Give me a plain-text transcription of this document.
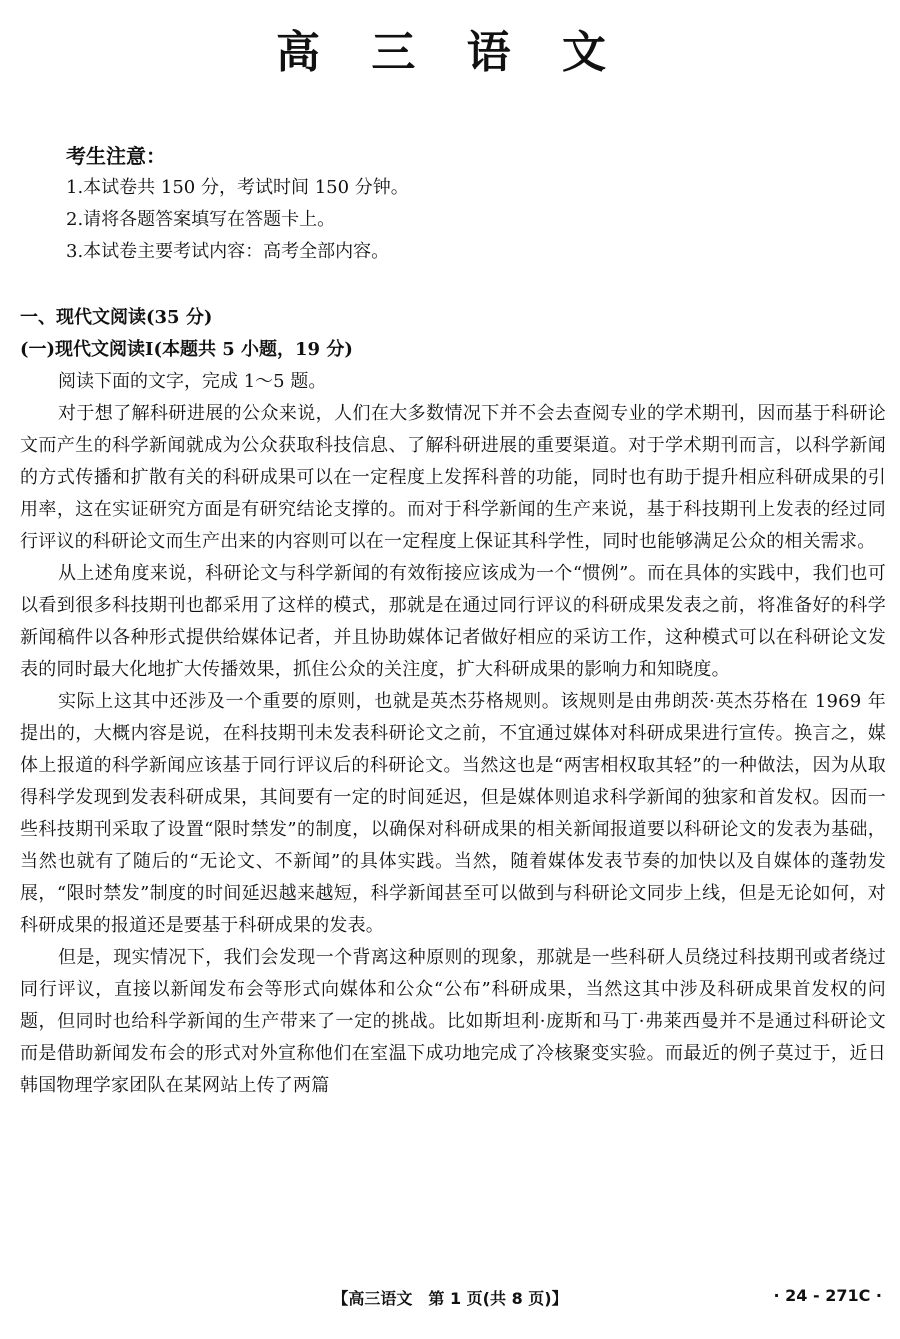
高 三 语 文
考生注意：
1.本试卷共 150 分，考试时间 150 分钟。
2.请将各题答案填写在答题卡上。
3.本试卷主要考试内容：高考全部内容。
一、现代文阅读(35 分)
(一)现代文阅读Ⅰ(本题共 5 小题，19 分)
阅读下面的文字，完成 1～5 题。

对于想了解科研进展的公众来说，人们在大多数情况下并不会去查阅专业的学术期刊，因而基于科研论文而产生的科学新闻就成为公众获取科技信息、了解科研进展的重要渠道。对于学术期刊而言，以科学新闻的方式传播和扩散有关的科研成果可以在一定程度上发挥科普的功能，同时也有助于提升相应科研成果的引用率，这在实证研究方面是有研究结论支撑的。而对于科学新闻的生产来说，基于科技期刊上发表的经过同行评议的科研论文而生产出来的内容则可以在一定程度上保证其科学性，同时也能够满足公众的相关需求。

从上述角度来说，科研论文与科学新闻的有效衔接应该成为一个“惯例”。而在具体的实践中，我们也可以看到很多科技期刊也都采用了这样的模式，那就是在通过同行评议的科研成果发表之前，将准备好的科学新闻稿件以各种形式提供给媒体记者，并且协助媒体记者做好相应的采访工作，这种模式可以在科研论文发表的同时最大化地扩大传播效果，抓住公众的关注度，扩大科研成果的影响力和知晓度。

实际上这其中还涉及一个重要的原则，也就是英杰芬格规则。该规则是由弗朗茨·英杰芬格在 1969 年提出的，大概内容是说，在科技期刊未发表科研论文之前，不宜通过媒体对科研成果进行宣传。换言之，媒体上报道的科学新闻应该基于同行评议后的科研论文。当然这也是“两害相权取其轻”的一种做法，因为从取得科学发现到发表科研成果，其间要有一定的时间延迟，但是媒体则追求科学新闻的独家和首发权。因而一些科技期刊采取了设置“限时禁发”的制度，以确保对科研成果的相关新闻报道要以科研论文的发表为基础，当然也就有了随后的“无论文、不新闻”的具体实践。当然，随着媒体发表节奏的加快以及自媒体的蓬勃发展，“限时禁发”制度的时间延迟越来越短，科学新闻甚至可以做到与科研论文同步上线，但是无论如何，对科研成果的报道还是要基于科研成果的发表。

但是，现实情况下，我们会发现一个背离这种原则的现象，那就是一些科研人员绕过科技期刊或者绕过同行评议，直接以新闻发布会等形式向媒体和公众“公布”科研成果，当然这其中涉及科研成果首发权的问题，但同时也给科学新闻的生产带来了一定的挑战。比如斯坦利·庞斯和马丁·弗莱西曼并不是通过科研论文而是借助新闻发布会的形式对外宣称他们在室温下成功地完成了冷核聚变实验。而最近的例子莫过于，近日韩国物理学家团队在某网站上传了两篇

【高三语文　第 1 页(共 8 页)】	· 24 - 271C ·
